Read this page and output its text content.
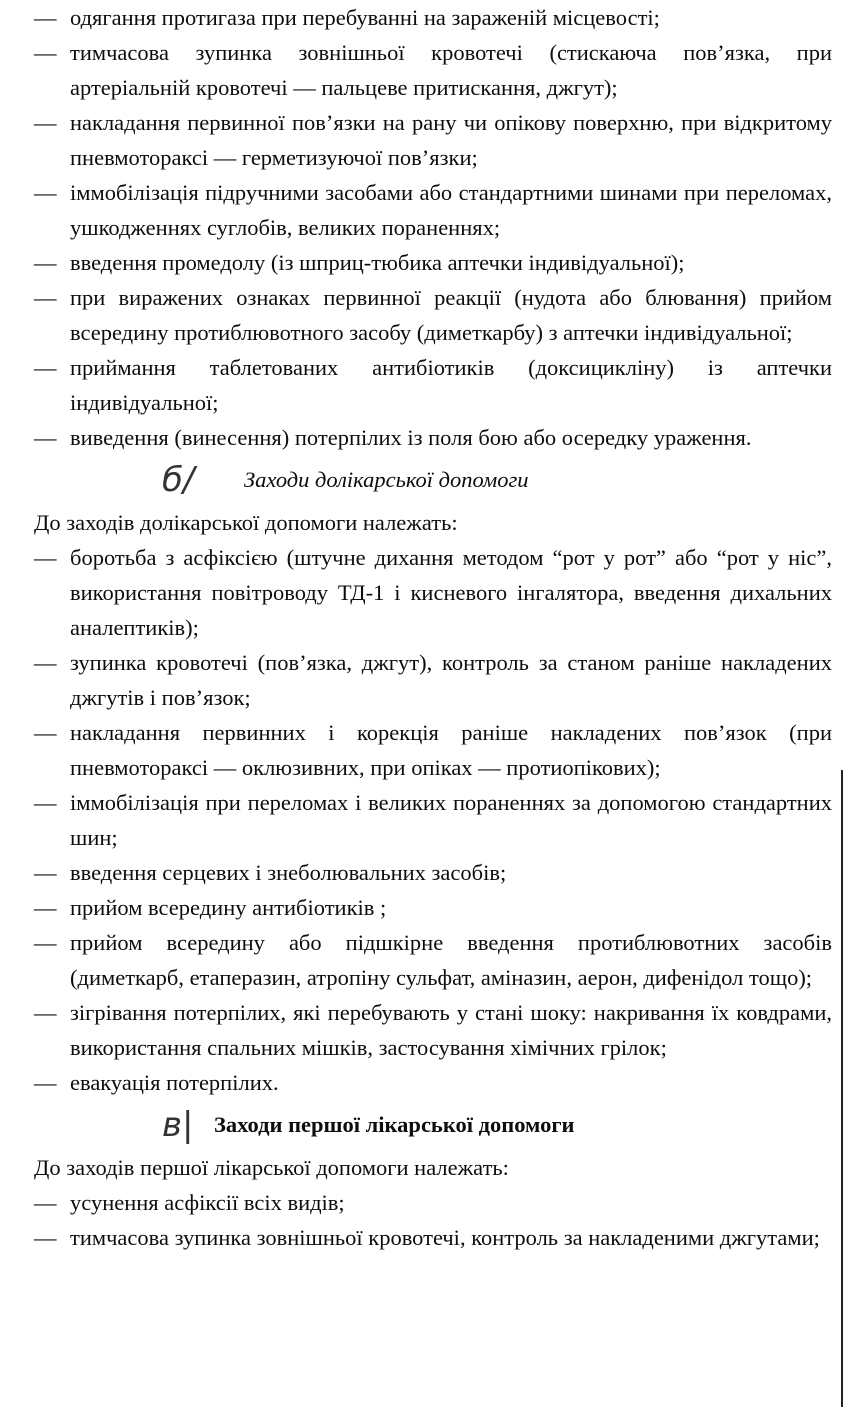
— одягання протигаза при перебуванні на зараженій місцевості;

— тимчасова зупинка зовнішньої кровотечі (стискаюча пов’язка, при артеріальній кровотечі — пальцеве притискання, джгут);

— накладання первинної пов’язки на рану чи опікову поверхню, при відкритому пневмотораксі — герметизуючої пов’язки;

— іммобілізація підручними засобами або стандартними шинами при переломах, ушкодженнях суглобів, великих пораненнях;

— введення промедолу (із шприц-тюбика аптечки індивідуальної);

— при виражених ознаках первинної реакції (нудота або блювання) прийом всередину протиблювотного засобу (диметкарбу) з аптечки індивідуальної;

— приймання таблетованих антибіотиків (доксицикліну) із аптечки індивідуальної;

— виведення (винесення) потерпілих із поля бою або осередку ураження.

б/ Заходи долікарської допомоги

До заходів долікарської допомоги належать:

— боротьба з асфіксією (штучне дихання методом “рот у рот” або “рот у ніс”, використання повітроводу ТД-1 і кисневого інгалятора, введення дихальних аналептиків);

— зупинка кровотечі (пов’язка, джгут), контроль за станом раніше накладених джгутів і пов’язок;

— накладання первинних і корекція раніше накладених пов’язок (при пневмотораксі — оклюзивних, при опіках — протиопікових);

— іммобілізація при переломах і великих пораненнях за допомогою стандартних шин;

— введення серцевих і знеболювальних засобів;

— прийом всередину антибіотиків ;

— прийом всередину або підшкірне введення протиблювотних засобів (диметкарб, етаперазин, атропіну сульфат, аміназин, аерон, дифенідол тощо);

— зігрівання потерпілих, які перебувають у стані шоку: накривання їх ковдрами, використання спальних мішків, застосування хімічних грілок;

— евакуація потерпілих.

в| Заходи першої лікарської допомоги

До заходів першої лікарської допомоги належать:

— усунення асфіксії всіх видів;

— тимчасова зупинка зовнішньої кровотечі, контроль за накладеними джгутами;
